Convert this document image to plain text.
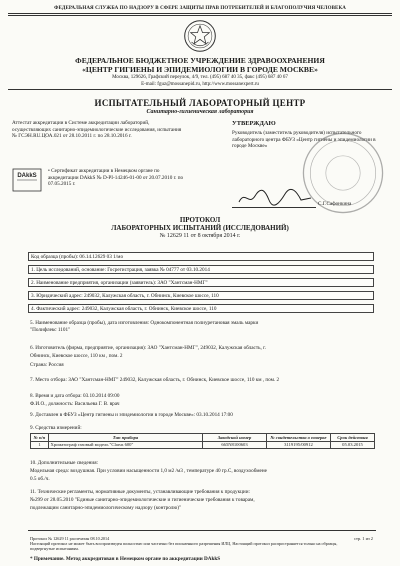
ФЕДЕРАЛЬНАЯ СЛУЖБА ПО НАДЗОРУ В СФЕРЕ ЗАЩИТЫ ПРАВ ПОТРЕБИТЕЛЕЙ И БЛАГОПОЛУЧИЯ ЧЕЛОВЕКА
ФЕДЕРАЛЬНОЕ БЮДЖЕТНОЕ УЧРЕЖДЕНИЕ ЗДРАВООХРАНЕНИЯ
«ЦЕНТР ГИГИЕНЫ И ЭПИДЕМИОЛОГИИ В ГОРОДЕ МОСКВЕ»
Москва, 129626, Графский переулок, 4/9, тел. (495) 687 40 35, факс (495) 687 40 67
E-mail: fguz@mossanepid.ru, http://www.mossanexpert.ru
ИСПЫТАТЕЛЬНЫЙ ЛАБОРАТОРНЫЙ ЦЕНТР
Санитарно-гигиеническая лаборатория
Аттестат аккредитации в Системе аккредитации лабораторий, осуществляющих санитарно-эпидемиологические исследования, испытания № ГСЭН.RU.ЦОА.021 от 28.10.2011 г. по 28.10.2016 г.
УТВЕРЖДАЮ
Руководитель (заместитель руководителя) испытательного лабораторного центра ФБУЗ «Центр гигиены и эпидемиологии в городе Москве»
С.Г.Сафонкина
DAkkS
• Сертификат аккредитации в Немецком органе по аккредитации DAkkS № D-PI-14246-01-00 от 20.07.2010 г. по 07.05.2015 г.
ПРОТОКОЛ
ЛАБОРАТОРНЫХ ИСПЫТАНИЙ (ИССЛЕДОВАНИЙ)
№ 12629 11 от 8 октября 2014 г.
Код образца (пробы): 06.14.12629 03 1/мо
1. Цель исследований, основание: Госрегистрация, заявка № 04777 от 03.10.2014
2. Наименование предприятия, организации (заявитель): ЗАО "Хантсман-НМГ"
3. Юридический адрес: 249032, Калужская область, г. Обнинск, Киевское шоссе, 110
4. Фактический адрес: 249032, Калужская область, г. Обнинск, Киевское шоссе, 110
5. Наименование образца (пробы), дата изготовления: Однокомпонентная полиуретановая эмаль марки
"Полифлекс 1101"
6. Изготовитель (фирма, предприятие, организация): ЗАО "Хантсман-НМГ", 249032, Калужская область, г.
Обнинск, Киевское шоссе, 110 км , пом. 2
Страна: Россия
7. Место отбора: ЗАО "Хантсман-НМГ" 249032, Калужская область, г. Обнинск, Киевское шоссе, 110 км , пом. 2
8. Время и дата отбора: 03.10.2014 09:00
Ф.И.О., должность: Васильева Г. В. врач
9. Доставлен в ФБУЗ «Центр гигиены и эпидемиологии в городе Москве»: 03.10.2014 17:00
9. Средства измерений:
№ п/п	Тип прибора	Заводской номер	№ свидетельства о поверке	Срок действия
1	Хроматограф газовый модель "Clarus 600"	665N8100603	3119195/00912	05.03.2015
10. Дополнительные сведения:
Модельная среда: воздушная. При условии насыщенности 1,0 м2 /м3 , температуре 40 гр.С, воздухообмене
0.5 об./ч.
11. Технические регламенты, нормативные документы, устанавливающие требования к продукции:
№299 от 28.05.2010 "Единые санитарно-эпидемиологические и гигиенические требования к товарам,
подлежащим санитарно-эпидемиологическому надзору (контролю)"
Протокол № 12629 11 распечатан 08.10.2014	стр. 1 из 2
Настоящий протокол не может быть воспроизведен полностью или частично без письменного разрешения ИЛЦ. Настоящий протокол распространяется только на образцы, подвергнутые испытаниям.
* Примечание. Метод аккредитован в Немецком органе по аккредитации DAkkS
